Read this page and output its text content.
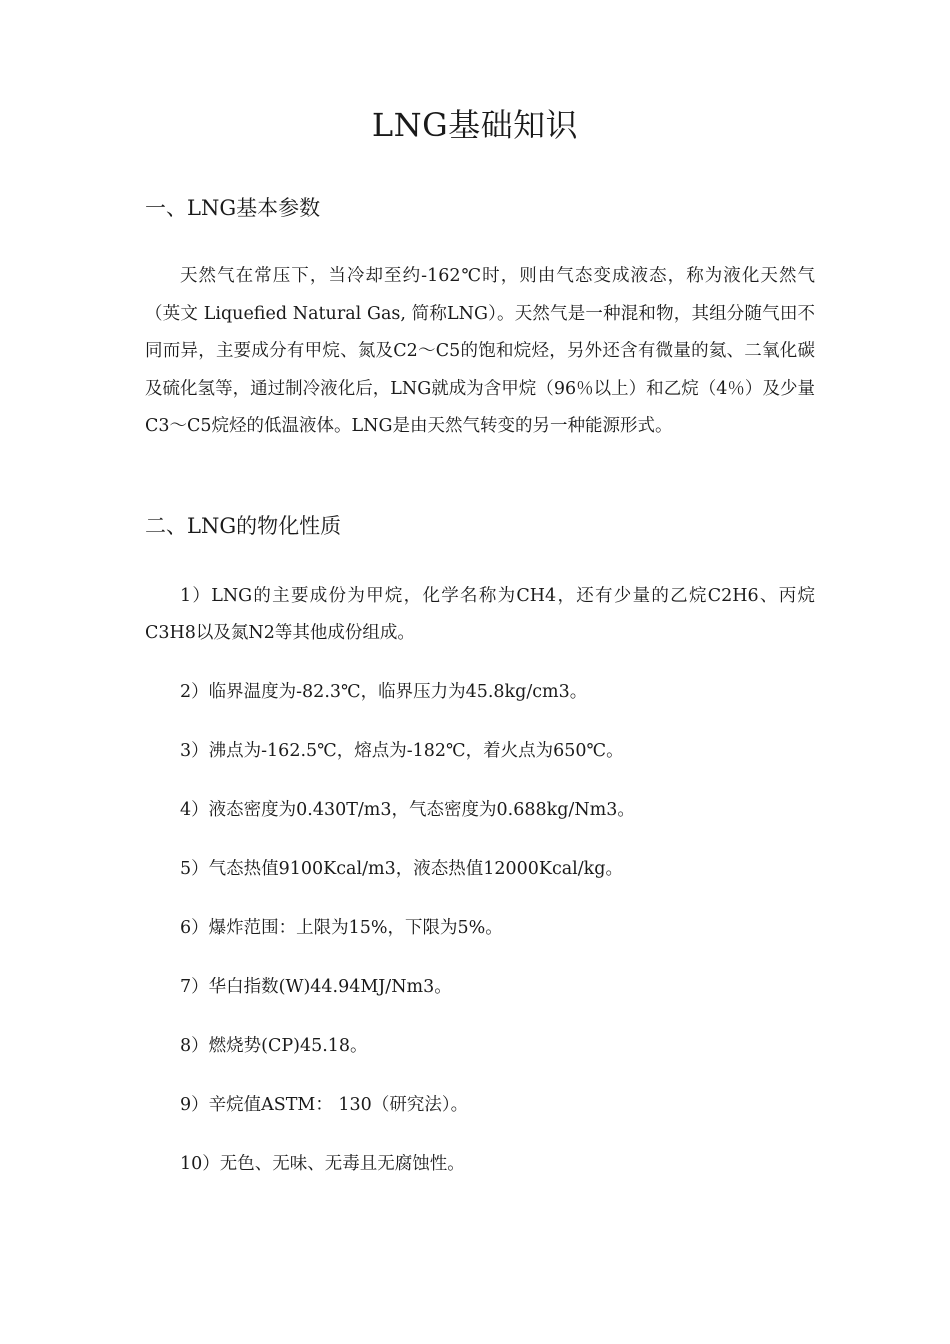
LNG基础知识
一、LNG基本参数

天然气在常压下，当冷却至约-162℃时，则由气态变成液态，称为液化天然气（英文 Liquefied Natural Gas, 简称LNG）。天然气是一种混和物，其组分随气田不同而异，主要成分有甲烷、氮及C2～C5的饱和烷烃，另外还含有微量的氦、二氧化碳及硫化氢等，通过制冷液化后，LNG就成为含甲烷（96％以上）和乙烷（4％）及少量C3～C5烷烃的低温液体。LNG是由天然气转变的另一种能源形式。

二、LNG的物化性质
1）LNG的主要成份为甲烷，化学名称为CH4，还有少量的乙烷C2H6、丙烷C3H8以及氮N2等其他成份组成。
2）临界温度为-82.3℃，临界压力为45.8kg/cm3。
3）沸点为-162.5℃，熔点为-182℃，着火点为650℃。
4）液态密度为0.430T/m3，气态密度为0.688kg/Nm3。
5）气态热值9100Kcal/m3，液态热值12000Kcal/kg。
6）爆炸范围：上限为15%，下限为5%。
7）华白指数(W)44.94MJ/Nm3。
8）燃烧势(CP)45.18。
9）辛烷值ASTM： 130（研究法）。
10）无色、无味、无毒且无腐蚀性。
